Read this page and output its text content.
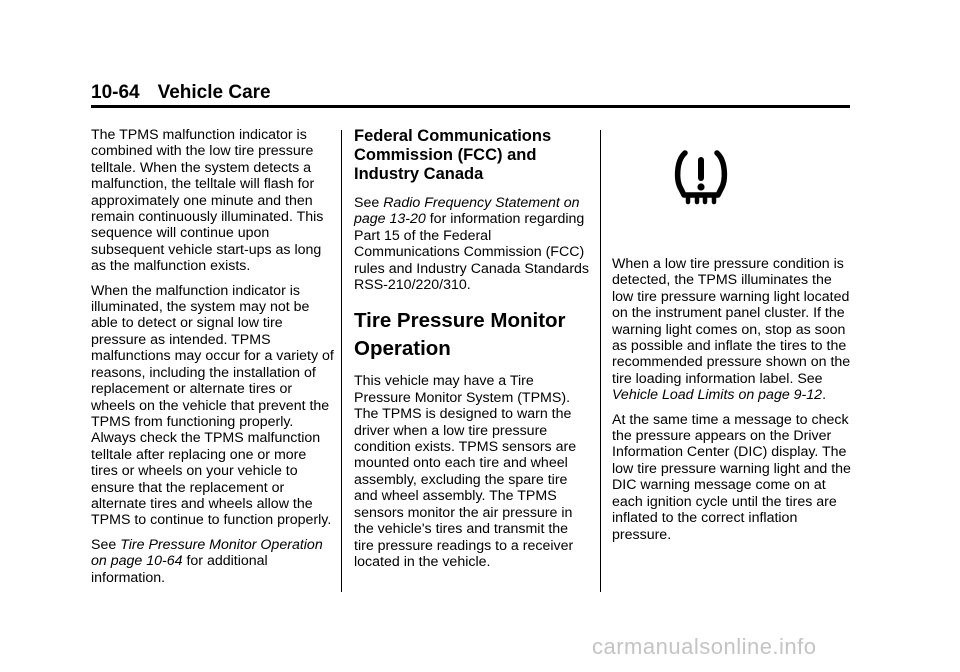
10-64 Vehicle Care

The TPMS malfunction indicator is combined with the low tire pressure telltale. When the system detects a malfunction, the telltale will flash for approximately one minute and then remain continuously illuminated. This sequence will continue upon subsequent vehicle start-ups as long as the malfunction exists.

When the malfunction indicator is illuminated, the system may not be able to detect or signal low tire pressure as intended. TPMS malfunctions may occur for a variety of reasons, including the installation of replacement or alternate tires or wheels on the vehicle that prevent the TPMS from functioning properly. Always check the TPMS malfunction telltale after replacing one or more tires or wheels on your vehicle to ensure that the replacement or alternate tires and wheels allow the TPMS to continue to function properly.

See Tire Pressure Monitor Operation on page 10-64 for additional information.

Federal Communications Commission (FCC) and Industry Canada

See Radio Frequency Statement on page 13-20 for information regarding Part 15 of the Federal Communications Commission (FCC) rules and Industry Canada Standards RSS-210/220/310.

Tire Pressure Monitor Operation

This vehicle may have a Tire Pressure Monitor System (TPMS). The TPMS is designed to warn the driver when a low tire pressure condition exists. TPMS sensors are mounted onto each tire and wheel assembly, excluding the spare tire and wheel assembly. The TPMS sensors monitor the air pressure in the vehicle's tires and transmit the tire pressure readings to a receiver located in the vehicle.

When a low tire pressure condition is detected, the TPMS illuminates the low tire pressure warning light located on the instrument panel cluster. If the warning light comes on, stop as soon as possible and inflate the tires to the recommended pressure shown on the tire loading information label. See Vehicle Load Limits on page 9-12.

At the same time a message to check the pressure appears on the Driver Information Center (DIC) display. The low tire pressure warning light and the DIC warning message come on at each ignition cycle until the tires are inflated to the correct inflation pressure.

carmanualsonline.info
